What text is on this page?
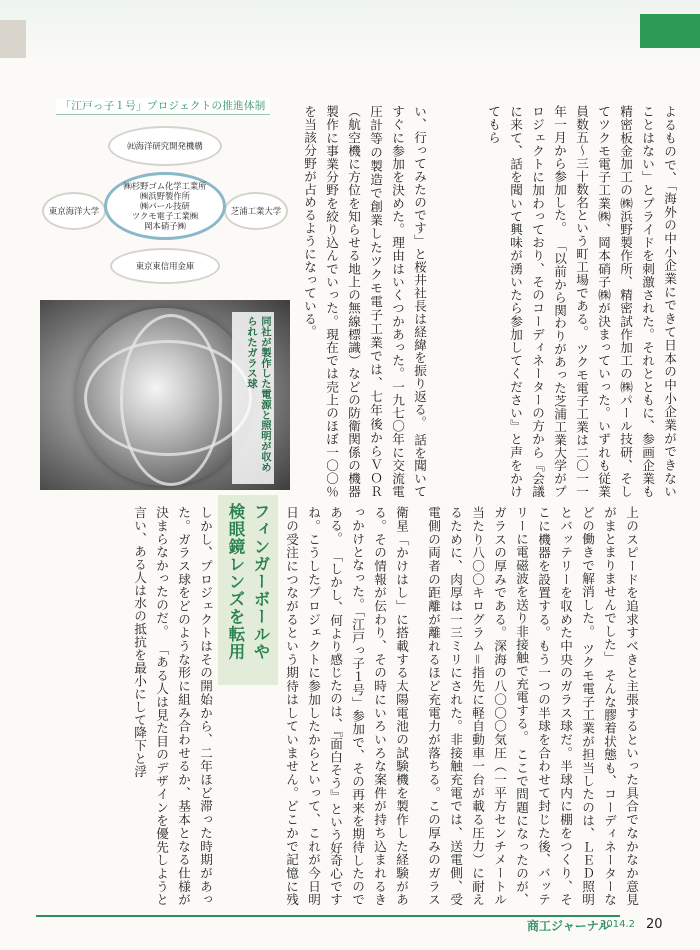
「江戸っ子１号」プロジェクトの推進体制
㈳海洋研究開発機構
東京海洋大学	芝浦工業大学
東京東信用金庫
㈱杉野ゴム化学工業所
㈱浜野製作所
㈱パール技研
ツクモ電子工業㈱
岡本硝子㈱
同社が製作した電源と照明が収められたガラス球
フィンガーボールや検眼鏡レンズを転用
商工ジャーナル
2014.2 20

い、行ってみたのです」と桜井社長は経緯を振り返る。 話を聞いてすぐに参加を決めた。理由はいくつかあった。一九七〇年に交流電圧計等の製造で創業したツクモ電子工業では、七年後からＶＯＲ（航空機に方位を知らせる地上の無線標識）などの防衛関係の機器製作に事業分野を絞り込んでいった。現在では売上のほぼ一〇〇％を当該分野が占めるようになっている。	よるもので、「海外の中小企業にできて日本の中小企業ができないことはない」とプライドを刺激された。それとともに、参画企業も精密板金加工の㈱浜野製作所、精密試作加工の㈱パール技研、そしてツクモ電子工業㈱、岡本硝子㈱が決まっていった。いずれも従業員数五〜三十数名という町工場である。 ツクモ電子工業は二〇一一年一月から参加した。 「以前から関わりがあった芝浦工業大学がプロジェクトに加わっており、そのコーディネーターの方から『会議に来て、話を聞いて興味が湧いたら参加してください』と声をかけてもら

衛星「かけはし」に搭載する太陽電池の試験機を製作した経験がある。その情報が伝わり、その時にいろいろな案件が持ち込まれるきっかけとなった。「江戸っ子１号」参加で、その再来を期待したのである。 「しかし、何より感じたのは、『面白そう』という好奇心ですね。こうしたプロジェクトに参加したからといって、これが今日明日の受注につながるという期待はしていません。どこかで記憶に残

しかし、プロジェクトはその開始から、二年ほど滞った時期があった。ガラス球をどのような形に組み合わせるか、基本となる仕様が決まらなかったのだ。 「ある人は見た目のデザインを優先しようと言い、ある人は水の抵抗を最小にして降下と浮	上のスピードを追求すべきと主張するといった具合でなかなか意見がまとまりませんでした」 そんな膠着状態も、コーディネーターなどの働きで解消した。 ツクモ電子工業が担当したのは、ＬＥＤ照明とバッテリーを収めた中央のガラス球だ。半球内に棚をつくり、そこに機器を設置する。もう一つの半球を合わせて封じた後、バッテリーに電磁波を送り非接触で充電する。 ここで問題になったのが、ガラスの厚みである。深海の八〇〇〇気圧（一平方センチメートル当たり八〇〇キログラム＝指先に軽自動車一台が載る圧力）に耐えるために、肉厚は一三ミリにされた。非接触充電では、送電側、受電側の両者の距離が離れるほど充電力が落ちる。この厚みのガラス
